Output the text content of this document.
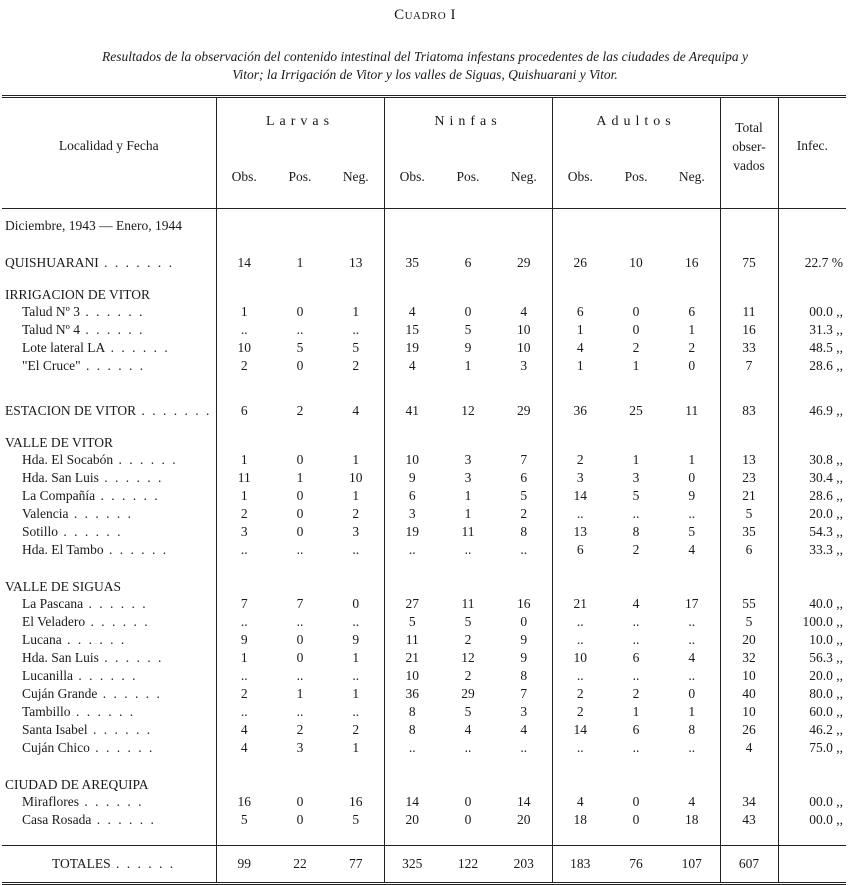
Cuadro I
Resultados de la observación del contenido intestinal del Triatoma infestans procedentes de las ciudades de Arequipa y
Vitor; la Irrigación de Vitor y los valles de Siguas, Quishuarani y Vitor.
Localidad y Fecha	Larvas			Ninfas			Adultos			Total
obser-
vados	Infec.
	Obs.	Pos.	Neg.	Obs.	Pos.	Neg.	Obs.	Pos.	Neg.		
Diciembre, 1943 — Enero, 1944											
QUISHUARANI . . . . . . .	14	1	13	35	6	29	26	10	16	75	22.7 %
IRRIGACION DE VITOR											
Talud Nº 3 . . . . . .	1	0	1	4	0	4	6	0	6	11	00.0 ,,
Talud Nº 4 . . . . . .	..	..	..	15	5	10	1	0	1	16	31.3 ,,
Lote lateral LA . . . . . .	10	5	5	19	9	10	4	2	2	33	48.5 ,,
"El Cruce" . . . . . .	2	0	2	4	1	3	1	1	0	7	28.6 ,,

ESTACION DE VITOR . . . . . . .	6	2	4	41	12	29	36	25	11	83	46.9 ,,
VALLE DE VITOR											
Hda. El Socabón . . . . . .	1	0	1	10	3	7	2	1	1	13	30.8 ,,
Hda. San Luis . . . . . .	11	1	10	9	3	6	3	3	0	23	30.4 ,,
La Compañía . . . . . .	1	0	1	6	1	5	14	5	9	21	28.6 ,,
Valencia . . . . . .	2	0	2	3	1	2	..	..	..	5	20.0 ,,
Sotillo . . . . . .	3	0	3	19	11	8	13	8	5	35	54.3 ,,
Hda. El Tambo . . . . . .	..	..	..	..	..	..	6	2	4	6	33.3 ,,

VALLE DE SIGUAS											
La Pascana . . . . . .	7	7	0	27	11	16	21	4	17	55	40.0 ,,
El Veladero . . . . . .	..	..	..	5	5	0	..	..	..	5	100.0 ,,
Lucana . . . . . .	9	0	9	11	2	9	..	..	..	20	10.0 ,,
Hda. San Luis . . . . . .	1	0	1	21	12	9	10	6	4	32	56.3 ,,
Lucanilla . . . . . .	..	..	..	10	2	8	..	..	..	10	20.0 ,,
Cuján Grande . . . . . .	2	1	1	36	29	7	2	2	0	40	80.0 ,,
Tambillo . . . . . .	..	..	..	8	5	3	2	1	1	10	60.0 ,,
Santa Isabel . . . . . .	4	2	2	8	4	4	14	6	8	26	46.2 ,,
Cuján Chico . . . . . .	4	3	1	..	..	..	..	..	..	4	75.0 ,,

CIUDAD DE AREQUIPA											
Miraflores . . . . . .	16	0	16	14	0	14	4	0	4	34	00.0 ,,
Casa Rosada . . . . . .	5	0	5	20	0	20	18	0	18	43	00.0 ,,

TOTALES . . . . . .	99	22	77	325	122	203	183	76	107	607	
